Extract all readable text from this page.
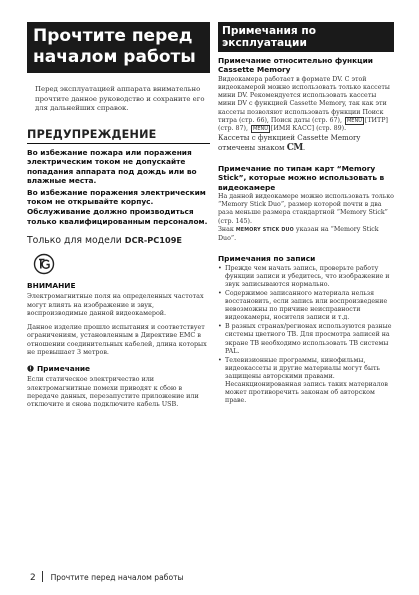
Прочтите перед
началом работы

Перед эксплуатацией аппарата внимательно прочтите данное руководство и сохраните его для дальнейших справок.

ПРЕДУПРЕЖДЕНИЕ

Во избежание пожара или поражения электрическим током не допускайте попадания аппарата под дождь или во влажные места.

Во избежание поражения электрическим током не открывайте корпус. Обслуживание должно производиться только квалифицированным персоналом.

Только для модели DCR-PC109E
ВНИМАНИЕ

Электромагнитные поля на определенных частотах могут влиять на изображение и звук, воспроизводимые данной видеокамерой.

Данное изделие прошло испытания и соответствует ограничениям, установленным в Директиве EMC в отношении соединительных кабелей, длина которых не превышает 3 метров.

Примечание

Если статическое электричество или электромагнитные помехи приводят к сбою в передаче данных, перезапустите приложение или отключите и снова подключите кабель USB.

Примечания по эксплуатации
Примечание относительно функции Cassette Memory

Видеокамера работает в формате DV. С этой видеокамерой можно использовать только кассеты мини DV. Рекомендуется использовать кассеты мини DV с функцией Cassette Memory, так как эти кассеты позволяют использовать функции Поиск титра (стр. 66), Поиск даты (стр. 67), MENU [ТИТР] (стр. 87), MENU [ИМЯ КАСС] (стр. 89).

Кассеты с функцией Cassette Memory отмечены знаком CM.

Примечание по типам карт “Memory Stick”, которые можно использовать в видеокамере

На данной видеокамере можно использовать только “Memory Stick Duo”, размер которой почти в два раза меньше размера стандартной “Memory Stick” (стр. 145).

Знак MEMORY STICK DUO указан на “Memory Stick Duo”.

Примечания по записи
• Прежде чем начать запись, проверьте работу функции записи и убедитесь, что изображение и звук записываются нормально.
• Содержимое записанного материала нельзя восстановить, если запись или воспроизведение невозможны по причине неисправности видеокамеры, носителя записи и т.д.
• В разных странах/регионах используются разные системы цветного ТВ. Для просмотра записей на экране ТВ необходимо использовать ТВ системы PAL.
• Телевизионные программы, кинофильмы, видеокассеты и другие материалы могут быть защищены авторскими правами. Несанкционированная запись таких материалов может противоречить законам об авторском праве.
2 Прочтите перед началом работы
